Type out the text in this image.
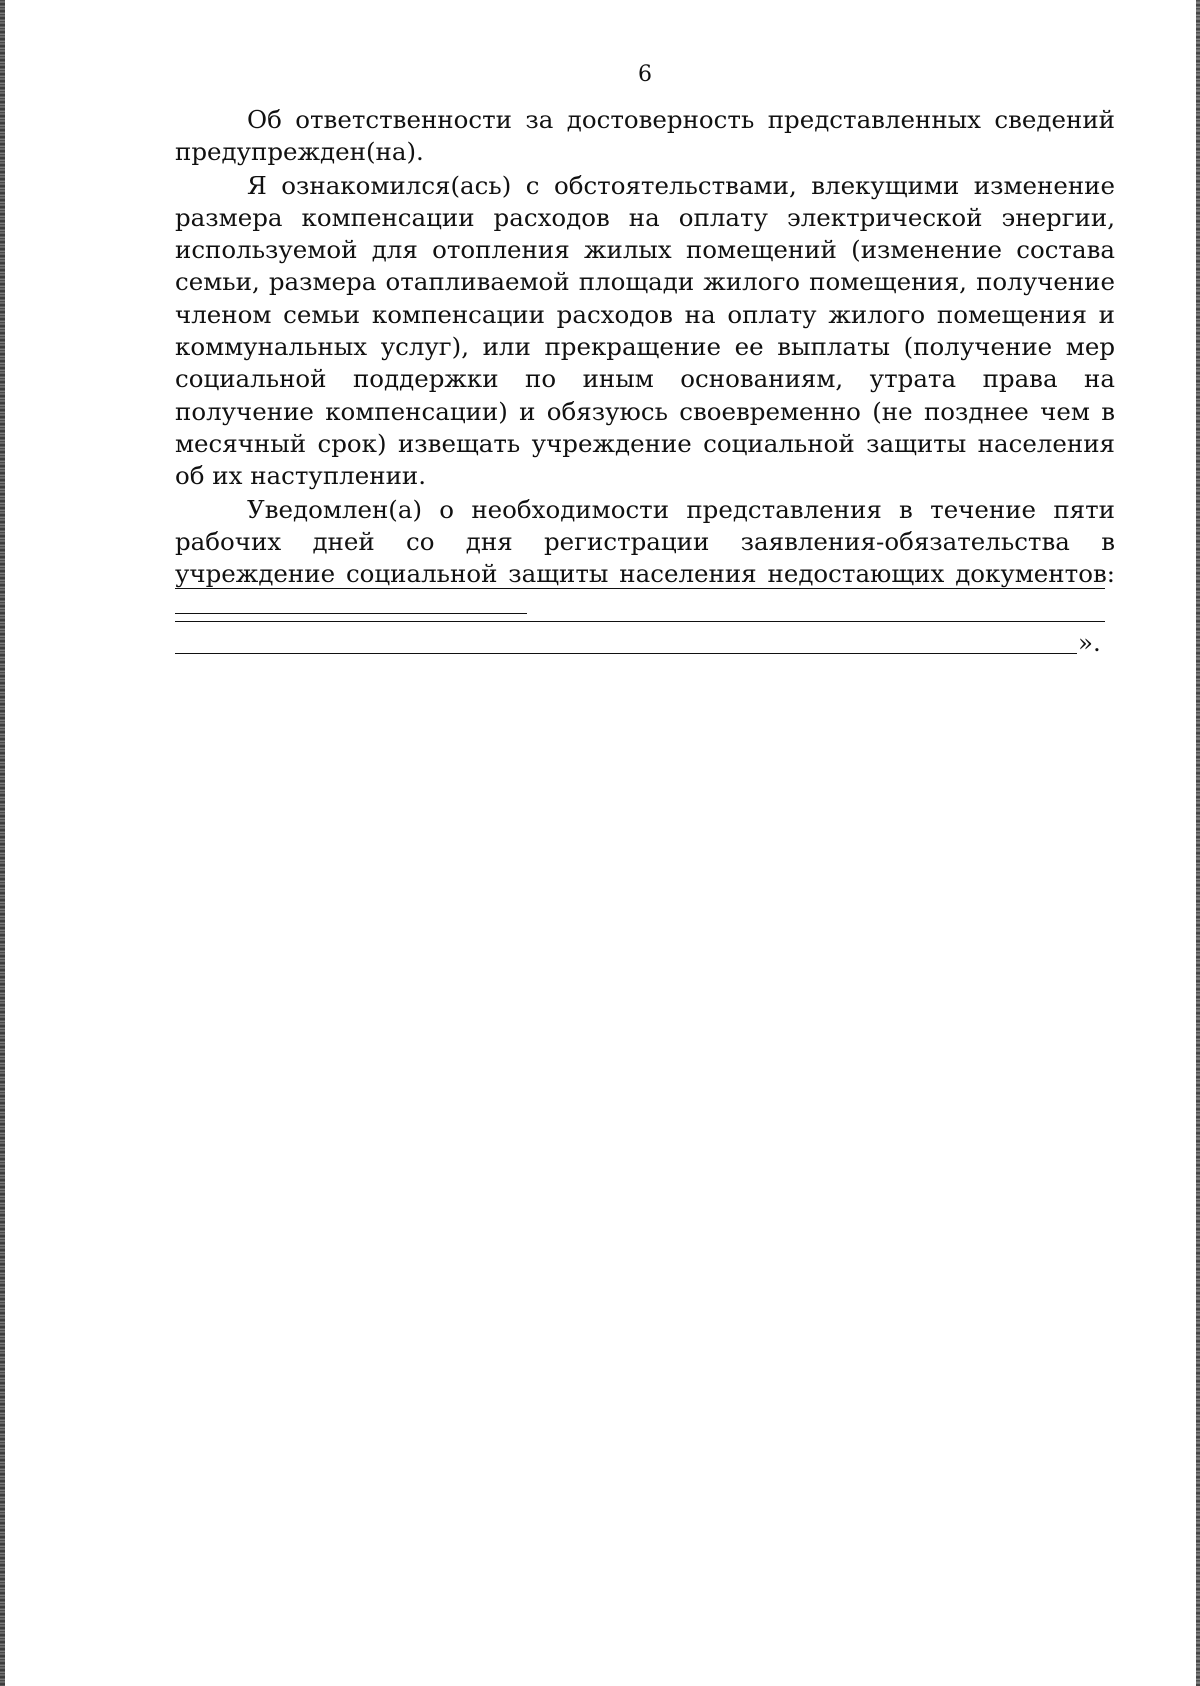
6

Об ответственности за достоверность представленных сведений предупрежден(на).

Я ознакомился(ась) с обстоятельствами, влекущими изменение размера компенсации расходов на оплату электрической энергии, используемой для отопления жилых помещений (изменение состава семьи, размера отапливаемой площади жилого помещения, получение членом семьи компенсации расходов на оплату жилого помещения и коммунальных услуг), или прекращение ее выплаты (получение мер социальной поддержки по иным основаниям, утрата права на получение компенсации) и обязуюсь своевременно (не позднее чем в месячный срок) извещать учреждение социальной защиты населения об их наступлении.

Уведомлен(а) о необходимости представления в течение пяти рабочих дней со дня регистрации заявления-обязательства в учреждение социальной защиты населения недостающих документов:

».
